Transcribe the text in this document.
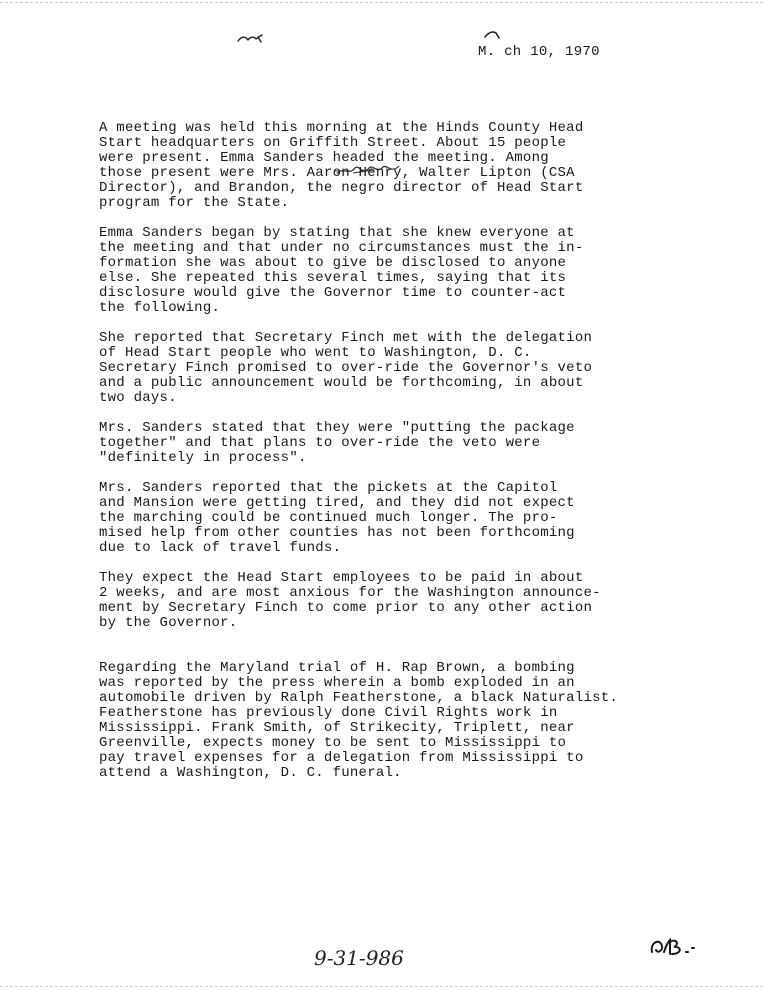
M. ch 10, 1970

A meeting was held this morning at the Hinds County Head
Start headquarters on Griffith Street. About 15 people
were present. Emma Sanders headed the meeting. Among
those present were Mrs. Aaron Henry, Walter Lipton (CSA
Director), and Brandon, the negro director of Head Start
program for the State.

Emma Sanders began by stating that she knew everyone at
the meeting and that under no circumstances must the in-
formation she was about to give be disclosed to anyone
else. She repeated this several times, saying that its
disclosure would give the Governor time to counter-act
the following.

She reported that Secretary Finch met with the delegation
of Head Start people who went to Washington, D. C.
Secretary Finch promised to over-ride the Governor's veto
and a public announcement would be forthcoming, in about
two days.

Mrs. Sanders stated that they were "putting the package
together" and that plans to over-ride the veto were
"definitely in process".

Mrs. Sanders reported that the pickets at the Capitol
and Mansion were getting tired, and they did not expect
the marching could be continued much longer. The pro-
mised help from other counties has not been forthcoming
due to lack of travel funds.

They expect the Head Start employees to be paid in about
2 weeks, and are most anxious for the Washington announce-
ment by Secretary Finch to come prior to any other action
by the Governor.

Regarding the Maryland trial of H. Rap Brown, a bombing
was reported by the press wherein a bomb exploded in an
automobile driven by Ralph Featherstone, a black Naturalist.
Featherstone has previously done Civil Rights work in
Mississippi. Frank Smith, of Strikecity, Triplett, near
Greenville, expects money to be sent to Mississippi to
pay travel expenses for a delegation from Mississippi to
attend a Washington, D. C. funeral.

9-31-986
